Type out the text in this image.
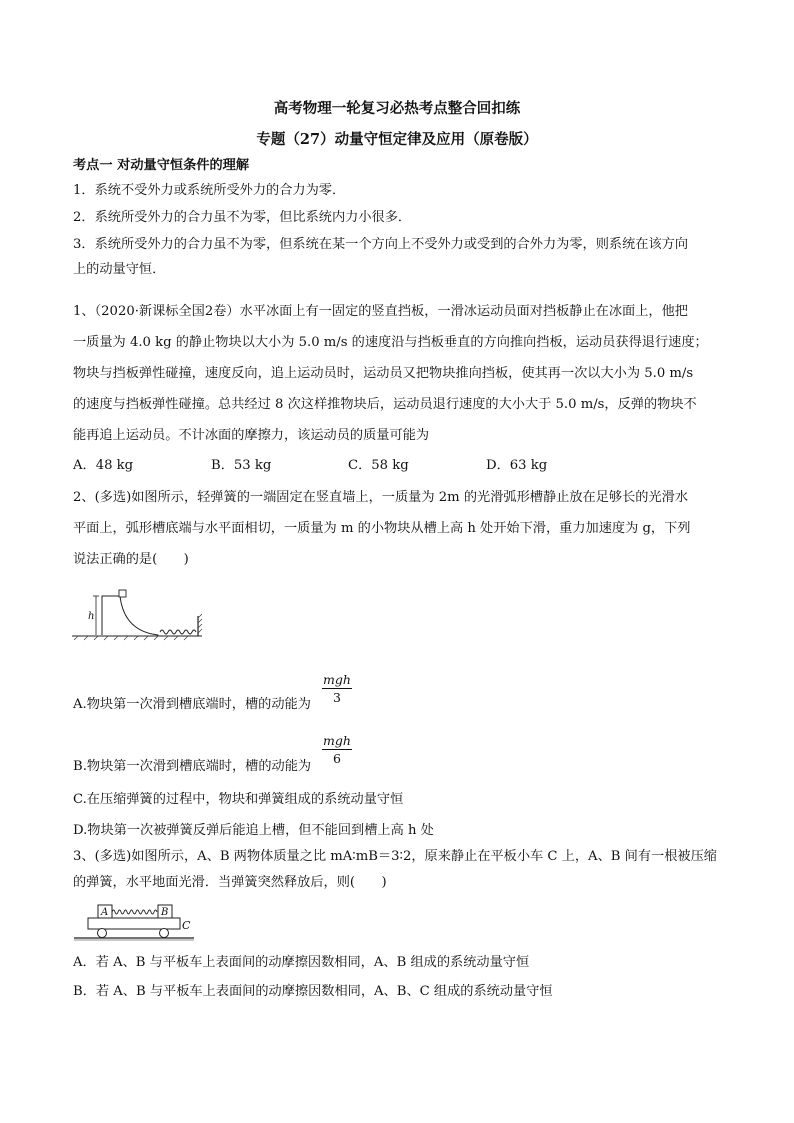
高考物理一轮复习必热考点整合回扣练
专题（27）动量守恒定律及应用（原卷版）
考点一 对动量守恒条件的理解
1．系统不受外力或系统所受外力的合力为零．
2．系统所受外力的合力虽不为零，但比系统内力小很多．
3．系统所受外力的合力虽不为零，但系统在某一个方向上不受外力或受到的合外力为零，则系统在该方向
上的动量守恒．
1、（2020·新课标全国2卷）水平冰面上有一固定的竖直挡板，一滑冰运动员面对挡板静止在冰面上，他把
一质量为 4.0 kg 的静止物块以大小为 5.0 m/s 的速度沿与挡板垂直的方向推向挡板，运动员获得退行速度；
物块与挡板弹性碰撞，速度反向，追上运动员时，运动员又把物块推向挡板，使其再一次以大小为 5.0 m/s
的速度与挡板弹性碰撞。总共经过 8 次这样推物块后，运动员退行速度的大小大于 5.0 m/s，反弹的物块不
能再追上运动员。不计冰面的摩擦力，该运动员的质量可能为
A．48 kg	B．53 kg	C．58 kg	D．63 kg
2、(多选)如图所示，轻弹簧的一端固定在竖直墙上，一质量为 2m 的光滑弧形槽静止放在足够长的光滑水
平面上，弧形槽底端与水平面相切，一质量为 m 的小物块从槽上高 h 处开始下滑，重力加速度为 g，下列
说法正确的是(　　)
h
A.物块第一次滑到槽底端时，槽的动能为
mgh
3
B.物块第一次滑到槽底端时，槽的动能为
mgh
6
C.在压缩弹簧的过程中，物块和弹簧组成的系统动量守恒
D.物块第一次被弹簧反弹后能追上槽，但不能回到槽上高 h 处
3、(多选)如图所示，A、B 两物体质量之比 mA∶mB＝3∶2，原来静止在平板小车 C 上，A、B 间有一根被压缩
的弹簧，水平地面光滑．当弹簧突然释放后，则(　　)
A	B
C
A．若 A、B 与平板车上表面间的动摩擦因数相同，A、B 组成的系统动量守恒
B．若 A、B 与平板车上表面间的动摩擦因数相同，A、B、C 组成的系统动量守恒
